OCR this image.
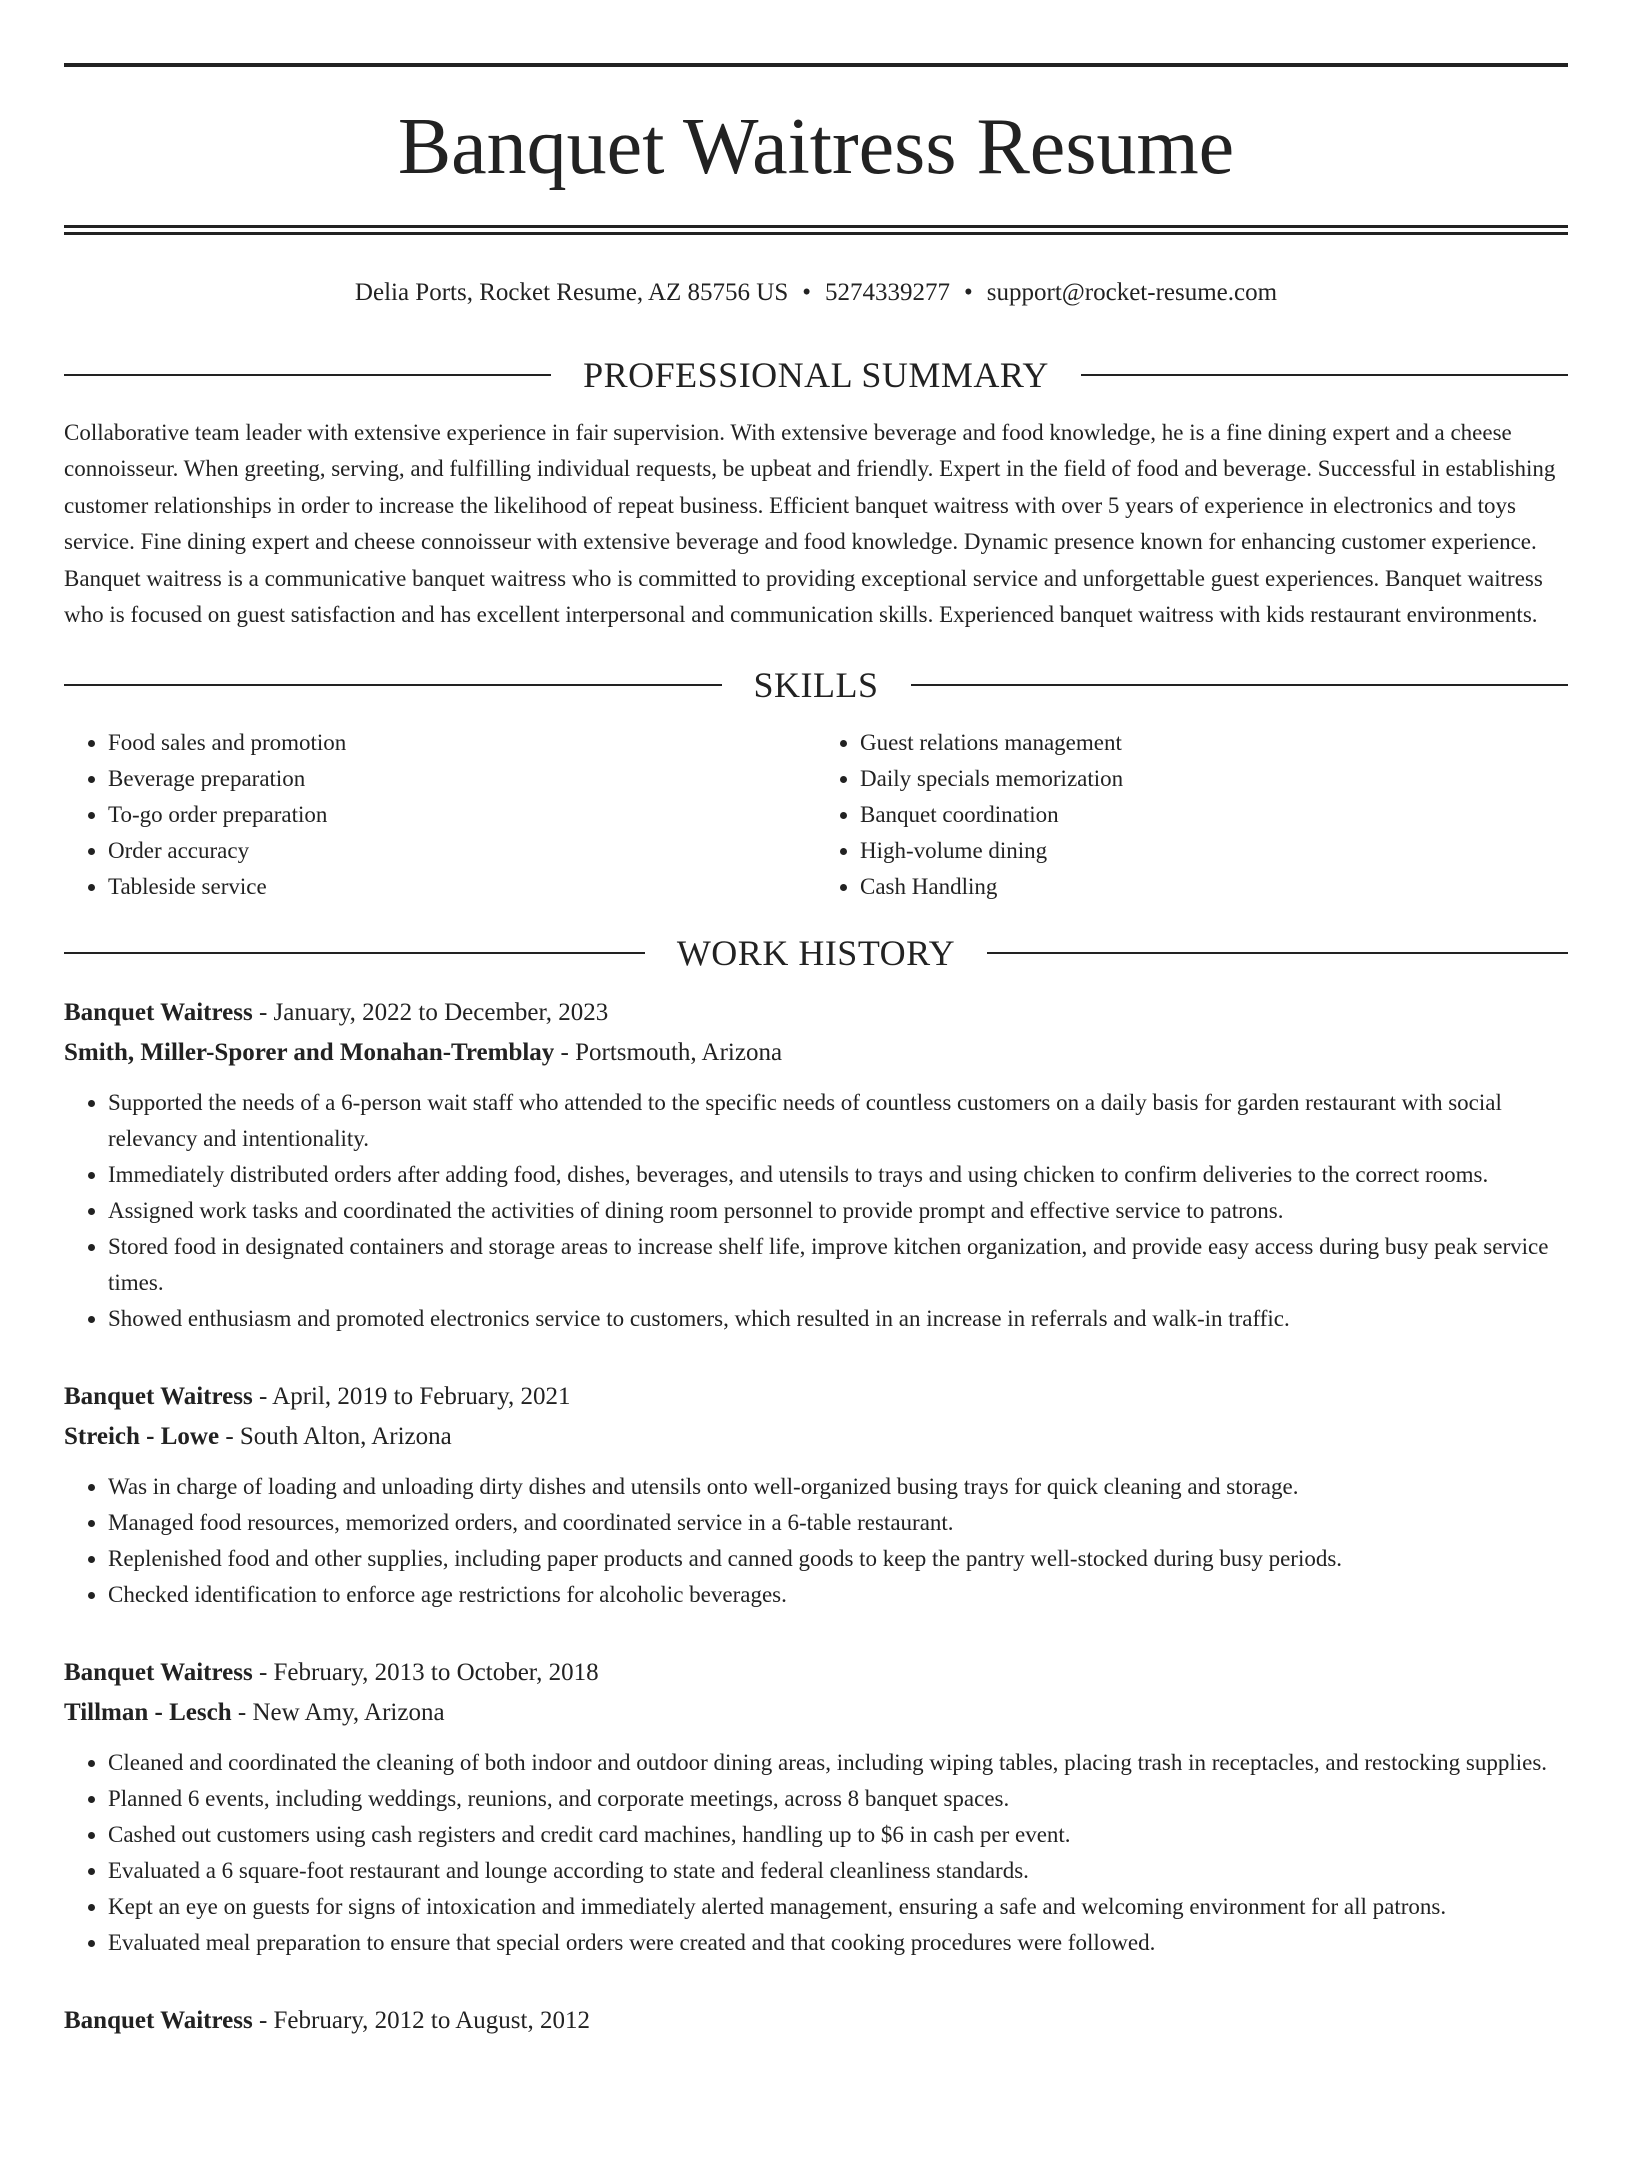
Banquet Waitress Resume
Delia Ports, Rocket Resume, AZ 85756 US • 5274339277 • support@rocket-resume.com
PROFESSIONAL SUMMARY

Collaborative team leader with extensive experience in fair supervision. With extensive beverage and food knowledge, he is a fine dining expert and a cheese connoisseur. When greeting, serving, and fulfilling individual requests, be upbeat and friendly. Expert in the field of food and beverage. Successful in establishing customer relationships in order to increase the likelihood of repeat business. Efficient banquet waitress with over 5 years of experience in electronics and toys service. Fine dining expert and cheese connoisseur with extensive beverage and food knowledge. Dynamic presence known for enhancing customer experience. Banquet waitress is a communicative banquet waitress who is committed to providing exceptional service and unforgettable guest experiences. Banquet waitress who is focused on guest satisfaction and has excellent interpersonal and communication skills. Experienced banquet waitress with kids restaurant environments.

SKILLS
• Food sales and promotion
• Beverage preparation
• To-go order preparation
• Order accuracy
• Tableside service
• Guest relations management
• Daily specials memorization
• Banquet coordination
• High-volume dining
• Cash Handling
WORK HISTORY
Banquet Waitress - January, 2022 to December, 2023
Smith, Miller-Sporer and Monahan-Tremblay - Portsmouth, Arizona
• Supported the needs of a 6-person wait staff who attended to the specific needs of countless customers on a daily basis for garden restaurant with social relevancy and intentionality.
• Immediately distributed orders after adding food, dishes, beverages, and utensils to trays and using chicken to confirm deliveries to the correct rooms.
• Assigned work tasks and coordinated the activities of dining room personnel to provide prompt and effective service to patrons.
• Stored food in designated containers and storage areas to increase shelf life, improve kitchen organization, and provide easy access during busy peak service times.
• Showed enthusiasm and promoted electronics service to customers, which resulted in an increase in referrals and walk-in traffic.
Banquet Waitress - April, 2019 to February, 2021
Streich - Lowe - South Alton, Arizona
• Was in charge of loading and unloading dirty dishes and utensils onto well-organized busing trays for quick cleaning and storage.
• Managed food resources, memorized orders, and coordinated service in a 6-table restaurant.
• Replenished food and other supplies, including paper products and canned goods to keep the pantry well-stocked during busy periods.
• Checked identification to enforce age restrictions for alcoholic beverages.
Banquet Waitress - February, 2013 to October, 2018
Tillman - Lesch - New Amy, Arizona
• Cleaned and coordinated the cleaning of both indoor and outdoor dining areas, including wiping tables, placing trash in receptacles, and restocking supplies.
• Planned 6 events, including weddings, reunions, and corporate meetings, across 8 banquet spaces.
• Cashed out customers using cash registers and credit card machines, handling up to $6 in cash per event.
• Evaluated a 6 square-foot restaurant and lounge according to state and federal cleanliness standards.
• Kept an eye on guests for signs of intoxication and immediately alerted management, ensuring a safe and welcoming environment for all patrons.
• Evaluated meal preparation to ensure that special orders were created and that cooking procedures were followed.
Banquet Waitress - February, 2012 to August, 2012
